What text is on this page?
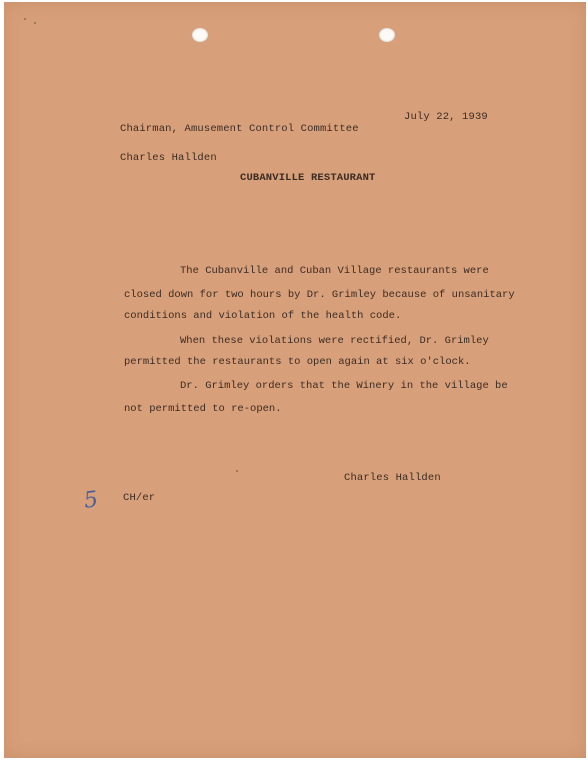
July 22, 1939
Chairman, Amusement Control Committee
Charles Hallden
CUBANVILLE RESTAURANT
The Cubanville and Cuban Village restaurants were
closed down for two hours by Dr. Grimley because of unsanitary
conditions and violation of the health code.
When these violations were rectified, Dr. Grimley
permitted the restaurants to open again at six o'clock.
Dr. Grimley orders that the Winery in the village be
not permitted to re-open.
Charles Hallden
5 CH/er
